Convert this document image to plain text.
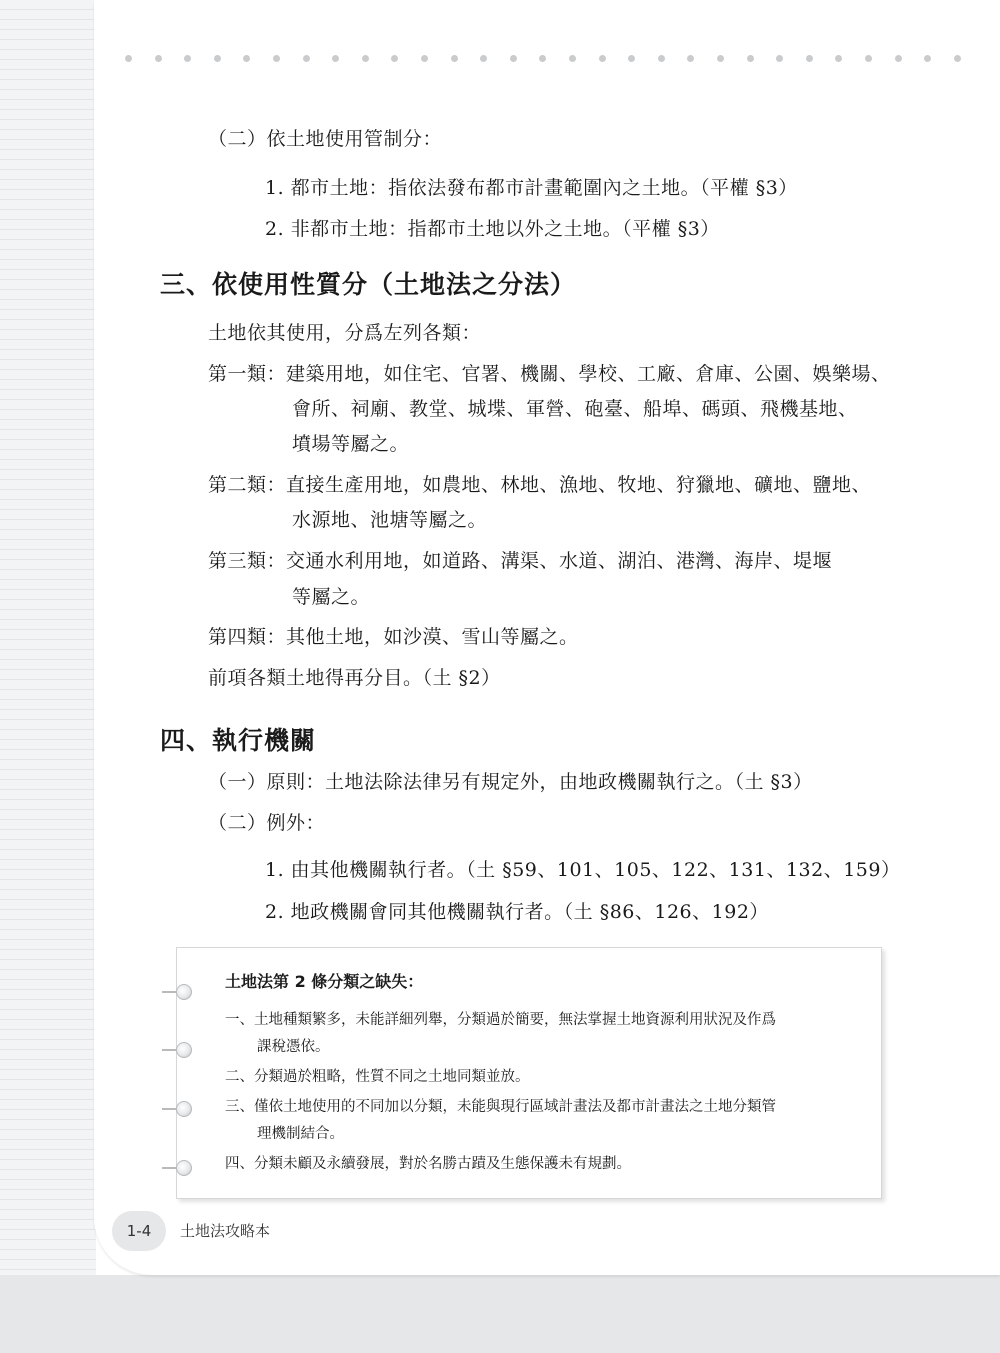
（二）依土地使用管制分：
1. 都市土地：指依法發布都市計畫範圍內之土地。（平權 §3）
2. 非都市土地：指都市土地以外之土地。（平權 §3）
三、依使用性質分（土地法之分法）
土地依其使用，分爲左列各類：
第一類：建築用地，如住宅、官署、機關、學校、工廠、倉庫、公園、娛樂場、
會所、祠廟、教堂、城堞、軍營、砲臺、船埠、碼頭、飛機基地、
墳場等屬之。
第二類：直接生產用地，如農地、林地、漁地、牧地、狩獵地、礦地、鹽地、
水源地、池塘等屬之。
第三類：交通水利用地，如道路、溝渠、水道、湖泊、港灣、海岸、堤堰
等屬之。
第四類：其他土地，如沙漠、雪山等屬之。
前項各類土地得再分目。（土 §2）
四、執行機關
（一）原則：土地法除法律另有規定外，由地政機關執行之。（土 §3）
（二）例外：
1. 由其他機關執行者。（土 §59、101、105、122、131、132、159）
2. 地政機關會同其他機關執行者。（土 §86、126、192）
土地法第 2 條分類之缺失：
一、土地種類繁多，未能詳細列舉，分類過於簡要，無法掌握土地資源利用狀況及作爲
課稅憑依。
二、分類過於粗略，性質不同之土地同類並放。
三、僅依土地使用的不同加以分類，未能與現行區域計畫法及都市計畫法之土地分類管
理機制結合。
四、分類未顧及永續發展，對於名勝古蹟及生態保護未有規劃。
1-4	土地法攻略本
